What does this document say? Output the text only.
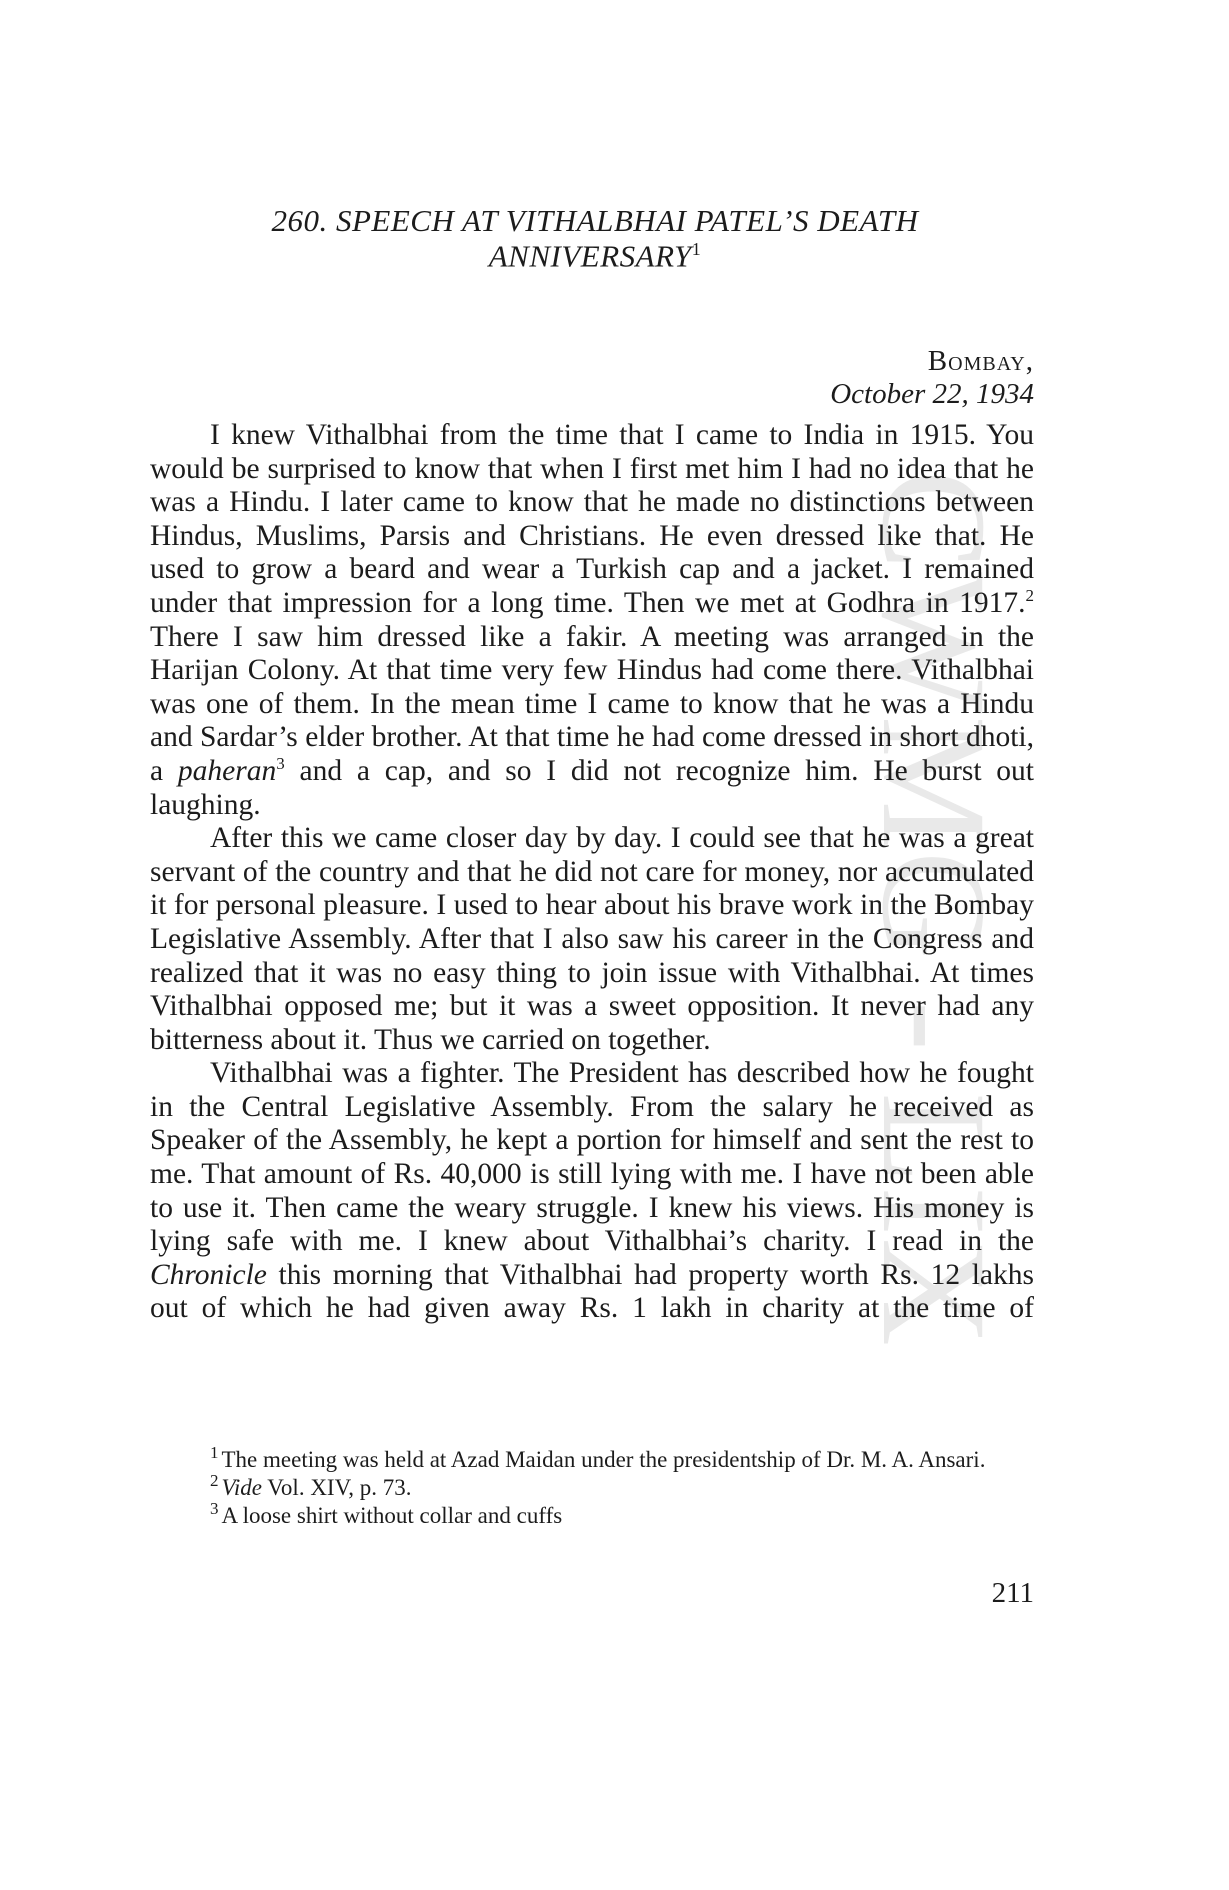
CWMG - LIX
260. SPEECH AT VITHALBHAI PATEL’S DEATH
ANNIVERSARY$^1$
Bombay,
October 22, 1934

I knew Vithalbhai from the time that I came to India in 1915. You would be surprised to know that when I first met him I had no idea that he was a Hindu. I later came to know that he made no distinctions between Hindus, Muslims, Parsis and Christians. He even dressed like that. He used to grow a beard and wear a Turkish cap and a jacket. I remained under that impression for a long time. Then we met at Godhra in 1917.$^2$ There I saw him dressed like a fakir. A meeting was arranged in the Harijan Colony. At that time very few Hindus had come there. Vithalbhai was one of them. In the mean time I came to know that he was a Hindu and Sardar’s elder brother. At that time he had come dressed in short dhoti, a paheran$^3$ and a cap, and so I did not recognize him. He burst out laughing.

After this we came closer day by day. I could see that he was a great servant of the country and that he did not care for money, nor accumulated it for personal pleasure. I used to hear about his brave work in the Bombay Legislative Assembly. After that I also saw his career in the Congress and realized that it was no easy thing to join issue with Vithalbhai. At times Vithalbhai opposed me; but it was a sweet opposition. It never had any bitterness about it. Thus we carried on together.

Vithalbhai was a fighter. The President has described how he fought in the Central Legislative Assembly. From the salary he received as Speaker of the Assembly, he kept a portion for himself and sent the rest to me. That amount of Rs. 40,000 is still lying with me. I have not been able to use it. Then came the weary struggle. I knew his views. His money is lying safe with me. I knew about Vithalbhai’s charity. I read in the Chronicle this morning that Vithalbhai had property worth Rs. 12 lakhs out of which he had given away Rs. 1 lakh in charity at the time of

$^1$ The meeting was held at Azad Maidan under the presidentship of Dr. M. A. Ansari.

$^2$ Vide Vol. XIV, p. 73.

$^3$ A loose shirt without collar and cuffs

211
